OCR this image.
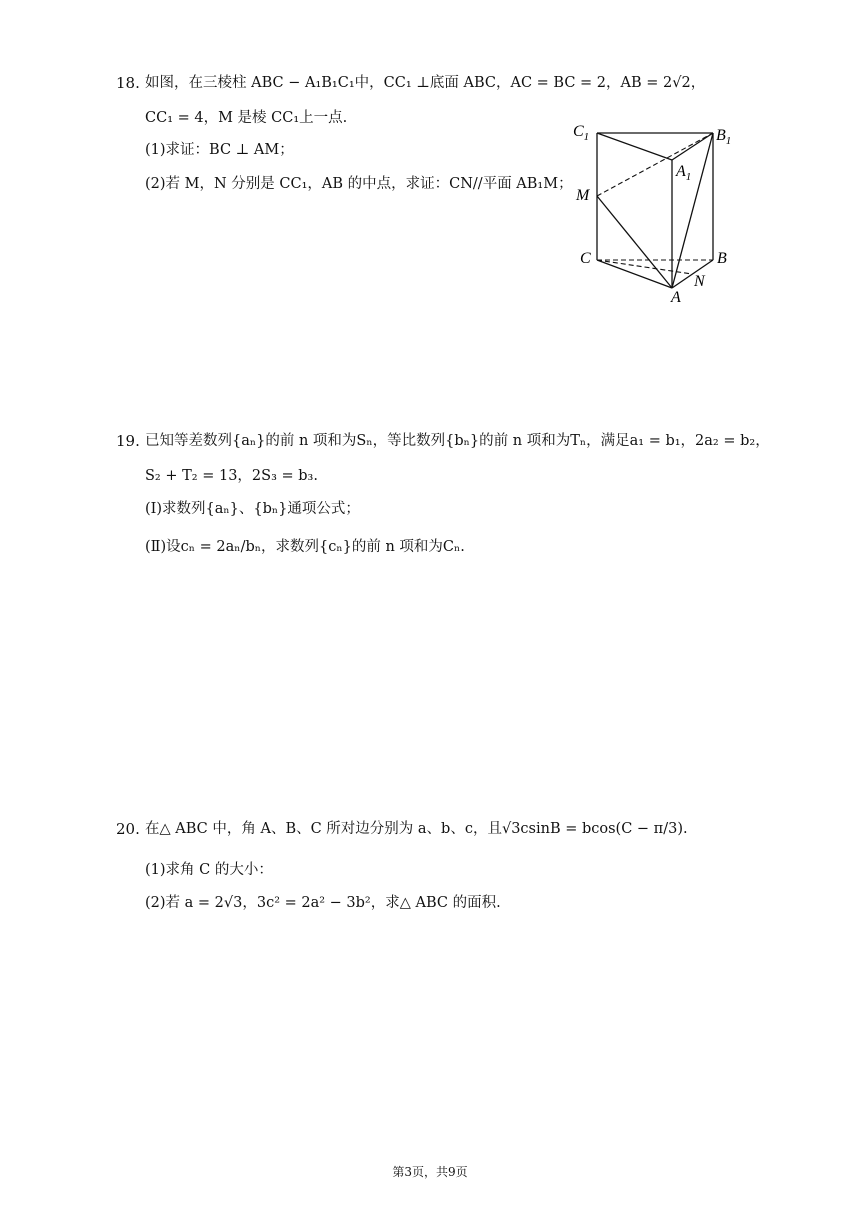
18. 如图，在三棱柱 ABC − A₁B₁C₁中，CC₁ ⊥底面 ABC，AC = BC = 2，AB = 2√2，
CC₁ = 4，M 是棱 CC₁上一点.
(1)求证：BC ⊥ AM；
(2)若 M，N 分别是 CC₁，AB 的中点，求证：CN//平面 AB₁M；
$C_1$	$B_1$
$A_1$
M
C	B
A
N
19. 已知等差数列{aₙ}的前 n 项和为Sₙ，等比数列{bₙ}的前 n 项和为Tₙ，满足a₁ = b₁，2a₂ = b₂，
S₂ + T₂ = 13，2S₃ = b₃.
(Ⅰ)求数列{aₙ}、{bₙ}通项公式；
(Ⅱ)设cₙ = 2aₙ/bₙ，求数列{cₙ}的前 n 项和为Cₙ.
20. 在△ ABC 中，角 A、B、C 所对边分别为 a、b、c，且√3csinB = bcos(C − π/3).
(1)求角 C 的大小：
(2)若 a = 2√3，3c² = 2a² − 3b²，求△ ABC 的面积.
第3页，共9页
